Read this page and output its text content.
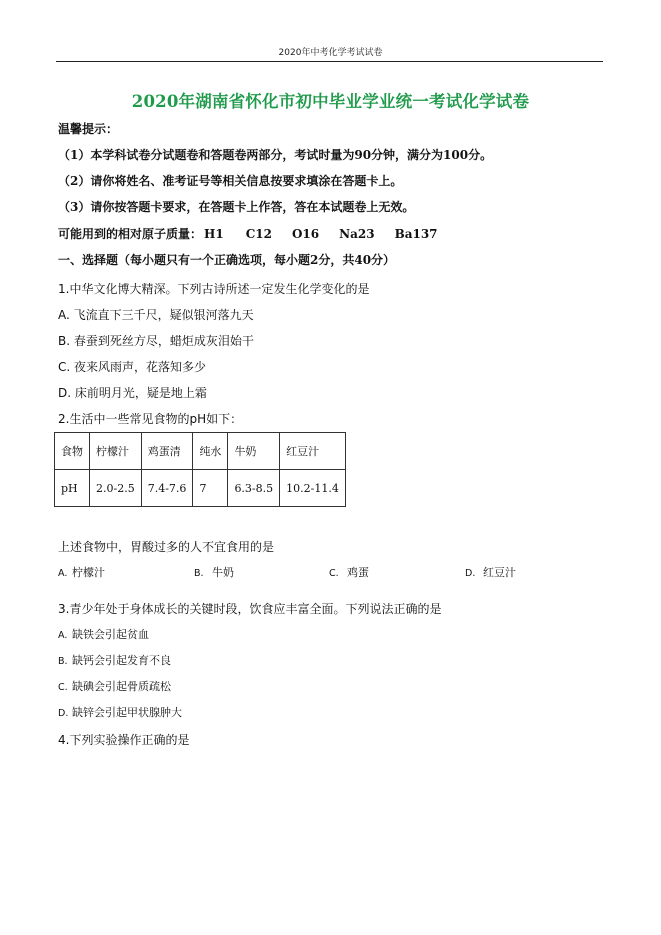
2020年中考化学考试试卷
2020年湖南省怀化市初中毕业学业统一考试化学试卷
温馨提示：
（1）本学科试卷分试题卷和答题卷两部分，考试时量为90分钟，满分为100分。
（2）请你将姓名、准考证号等相关信息按要求填涂在答题卡上。
（3）请你按答题卡要求，在答题卡上作答，答在本试题卷上无效。
可能用到的相对原子质量： H1 C12 O16 Na23 Ba137
一、选择题（每小题只有一个正确选项，每小题2分，共40分）
1.中华文化博大精深。下列古诗所述一定发生化学变化的是
A. 飞流直下三千尺，疑似银河落九天
B. 春蚕到死丝方尽，蜡炬成灰泪始干
C. 夜来风雨声，花落知多少
D. 床前明月光，疑是地上霜
2.生活中一些常见食物的pH如下：
食物	柠檬汁	鸡蛋清	纯水	牛奶	红豆汁
pH	2.0-2.5	7.4-7.6	7	6.3-8.5	10.2-11.4
上述食物中，胃酸过多的人不宜食用的是
A. 柠檬汁	B. 牛奶	C. 鸡蛋	D. 红豆汁
3.青少年处于身体成长的关键时段，饮食应丰富全面。下列说法正确的是
A. 缺铁会引起贫血
B. 缺钙会引起发育不良
C. 缺碘会引起骨质疏松
D. 缺锌会引起甲状腺肿大
4.下列实验操作正确的是
